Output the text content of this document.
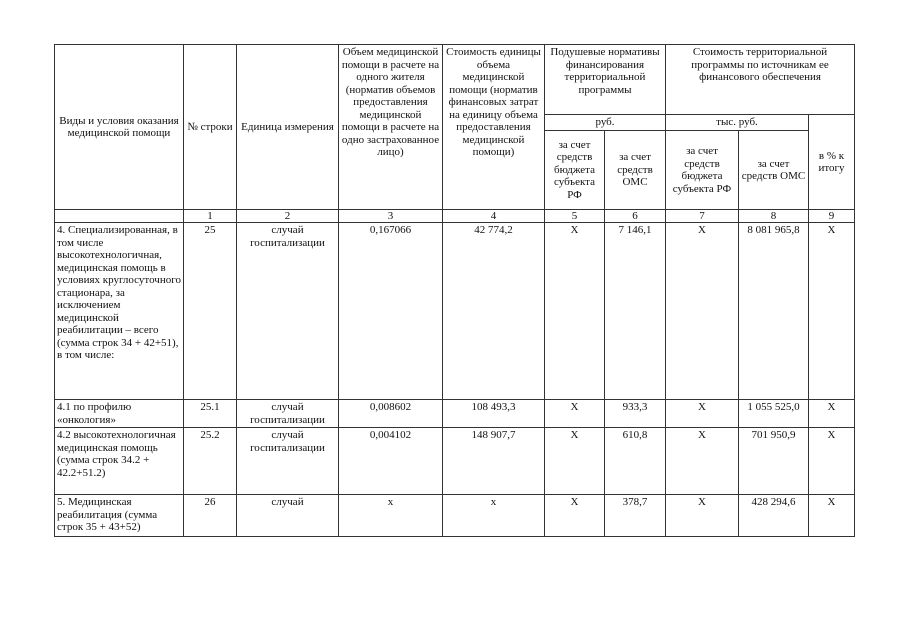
Виды и условия оказания медицинской помощи	№ строки	Единица измерения	Объем медицинской помощи в расчете на одного жителя (норматив объемов предоставления медицинской помощи в расчете на одно застрахованное лицо)	Стоимость единицы объема медицинской помощи (норматив финансовых затрат на единицу объема предоставления медицинской помощи)	Подушевые нормативы финансирования территориальной программы		Стоимость территориальной программы по источникам ее финансового обеспечения		
					руб.		тыс. руб.		в % к итогу
					за счет средств бюджета субъекта РФ	за счет средств ОМС	за счет средств бюджета субъекта РФ	за счет средств ОМС	
	1	2	3	4	5	6	7	8	9
4. Специализированная, в том числе высокотехнологичная, медицинская помощь в условиях круглосуточного стационара, за исключением медицинской реабилитации – всего (сумма строк 34 + 42+51), в том числе:	25	случай госпитализации	0,167066	42 774,2	Х	7 146,1	Х	8 081 965,8	Х
4.1 по профилю «онкология»	25.1	случай госпитализации	0,008602	108 493,3	Х	933,3	Х	1 055 525,0	Х
4.2 высокотехнологичная медицинская помощь (сумма строк 34.2 + 42.2+51.2)	25.2	случай госпитализации	0,004102	148 907,7	Х	610,8	Х	701 950,9	Х
5. Медицинская реабилитация (сумма строк 35 + 43+52)	26	случай	х	х	Х	378,7	Х	428 294,6	Х
